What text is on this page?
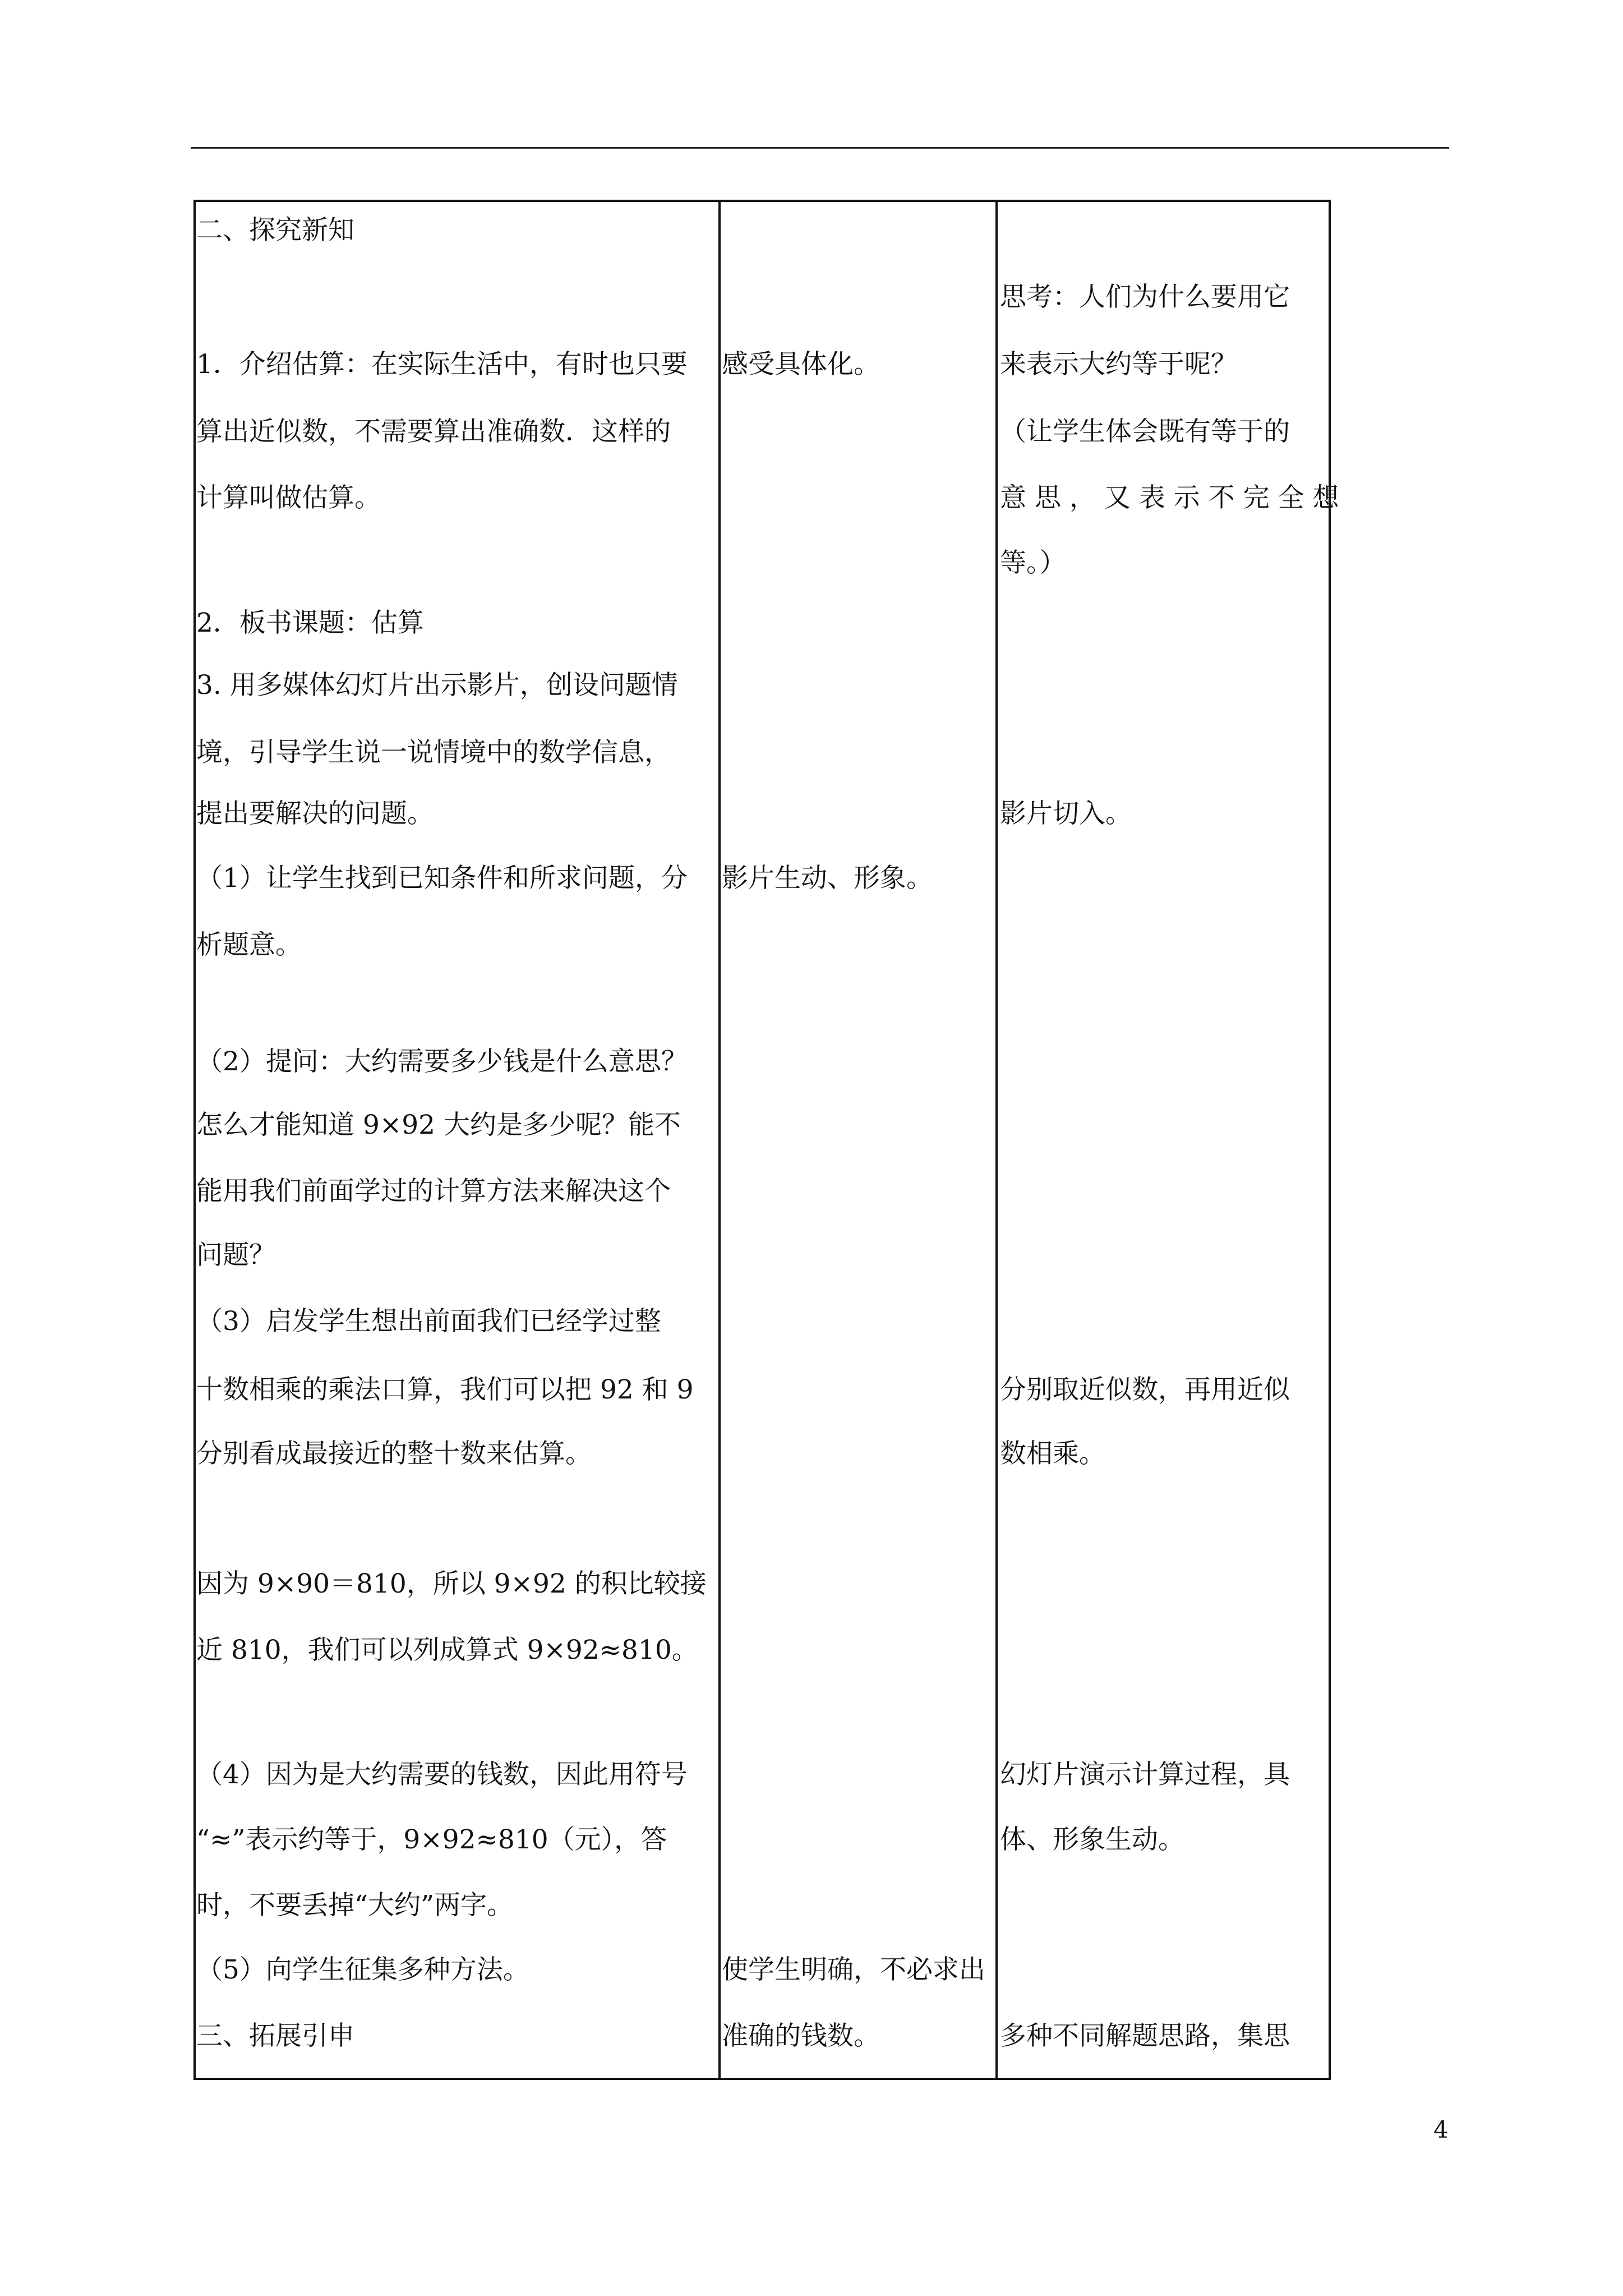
二、探究新知
1．介绍估算：在实际生活中，有时也只要
算出近似数，不需要算出准确数．这样的
计算叫做估算。
2．板书课题：估算
3. 用多媒体幻灯片出示影片，创设问题情
境，引导学生说一说情境中的数学信息，
提出要解决的问题。
（1）让学生找到已知条件和所求问题，分
析题意。
（2）提问：大约需要多少钱是什么意思？
怎么才能知道 9×92 大约是多少呢？能不
能用我们前面学过的计算方法来解决这个
问题？
（3）启发学生想出前面我们已经学过整
十数相乘的乘法口算，我们可以把 92 和 9
分别看成最接近的整十数来估算。
因为 9×90＝810，所以 9×92 的积比较接
近 810，我们可以列成算式 9×92≈810。
（4）因为是大约需要的钱数，因此用符号
“≈”表示约等于，9×92≈810（元），答
时，不要丢掉“大约”两字。
（5）向学生征集多种方法。
三、拓展引申
感受具体化。
影片生动、形象。
使学生明确，不必求出
准确的钱数。
思考：人们为什么要用它
来表示大约等于呢？
（让学生体会既有等于的
意 思 ， 又 表 示 不 完 全 想
等。）
影片切入。
分别取近似数，再用近似
数相乘。
幻灯片演示计算过程，具
体、形象生动。
多种不同解题思路，集思
4
